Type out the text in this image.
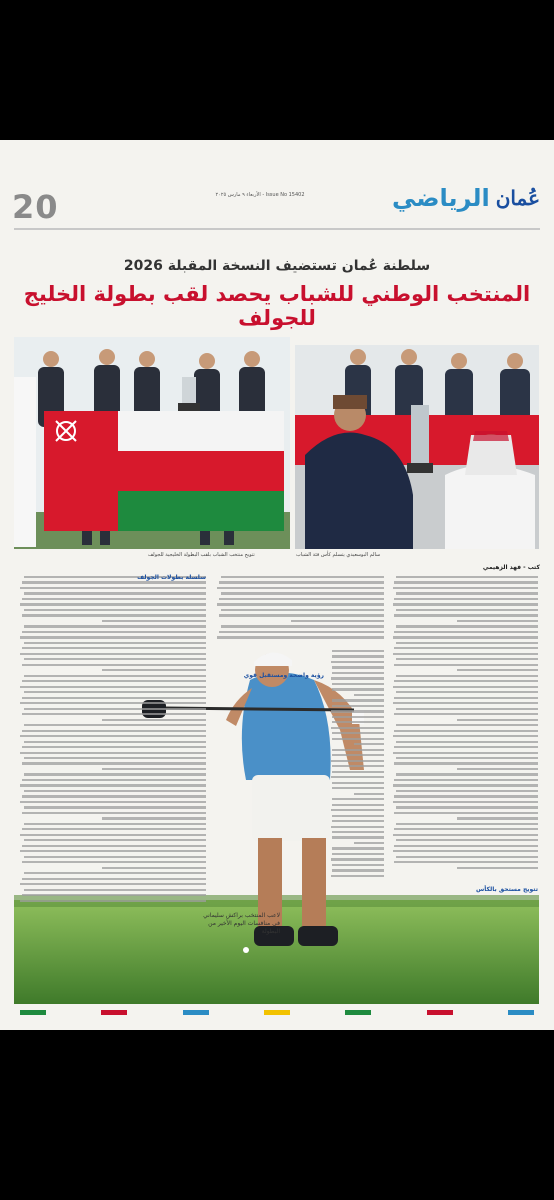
20	الأربعاء ٩ مارس ٢٠٢٥ - Issue No 15402	الرياضي عُمان
سلطنة عُمان تستضيف النسخة المقبلة 2026
المنتخب الوطني للشباب يحصد لقب بطولة الخليج للجولف
تتويج منتخب الشباب بلقب البطولة الخليجية للجولف	سالم البوسعيدي يتسلم كأس فئة الشباب
كتب - فهد الزهيمي
سلسلة بطولات الجولف
رؤية واضحة ومستقبل قوي
تتويج مستحق بالكأس
لاعب المنتخب براكش سليماني في منافسات اليوم الأخير من البطولة
